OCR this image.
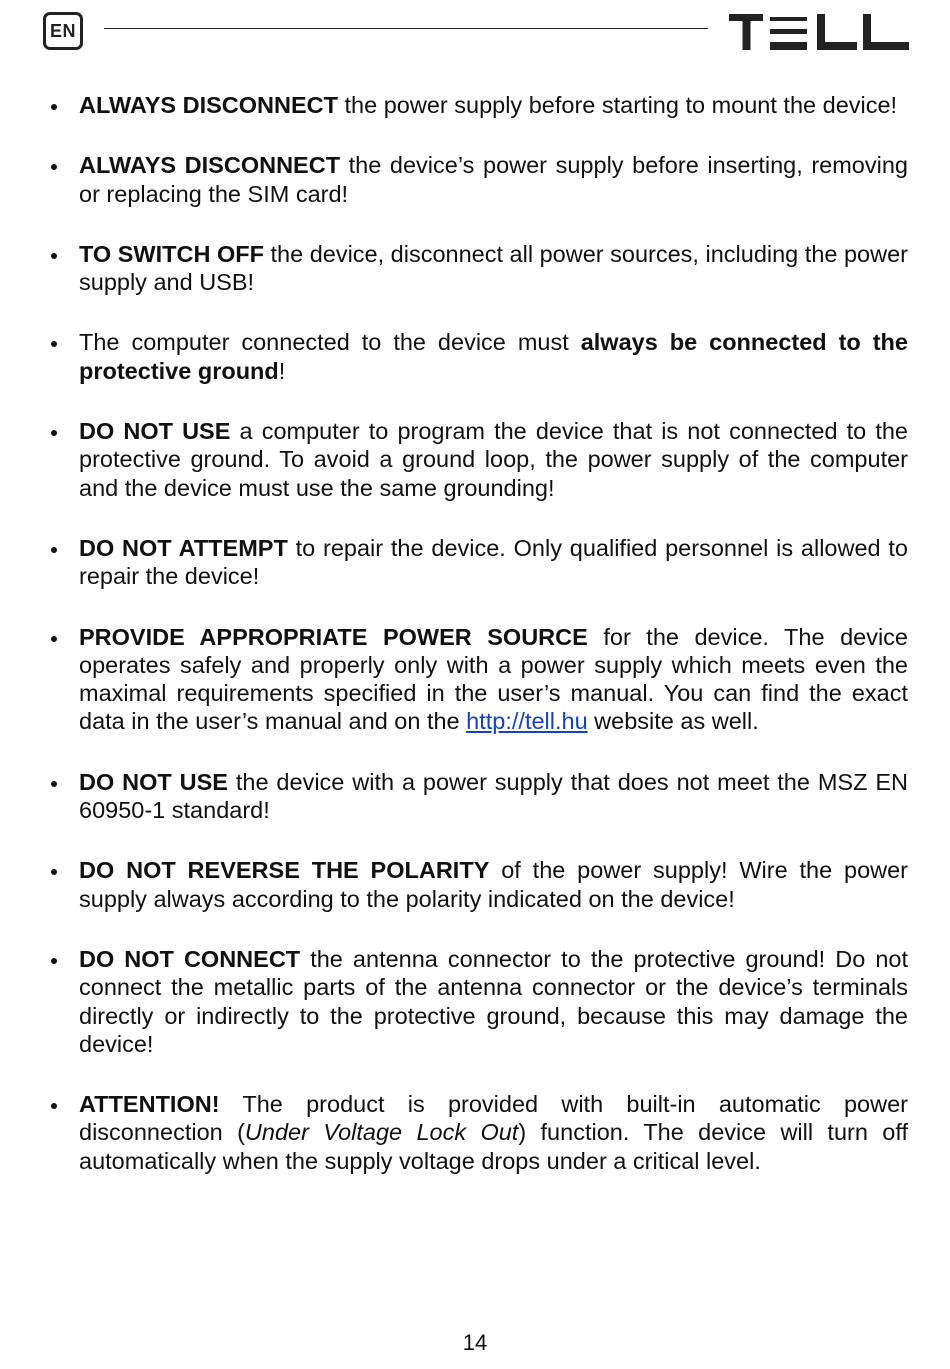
EN
ALWAYS DISCONNECT the power supply before starting to mount the device!
ALWAYS DISCONNECT the device’s power supply before inserting, removing or replacing the SIM card!
TO SWITCH OFF the device, disconnect all power sources, including the power supply and USB!
The computer connected to the device must always be connected to the protective ground!
DO NOT USE a computer to program the device that is not connected to the protective ground. To avoid a ground loop, the power supply of the computer and the device must use the same grounding!
DO NOT ATTEMPT to repair the device. Only qualified personnel is allowed to repair the device!
PROVIDE APPROPRIATE POWER SOURCE for the device. The device operates safely and properly only with a power supply which meets even the maximal requirements specified in the user’s manual. You can find the exact data in the user’s manual and on the http://tell.hu website as well.
DO NOT USE the device with a power supply that does not meet the MSZ EN 60950-1 standard!
DO NOT REVERSE THE POLARITY of the power supply! Wire the power supply always according to the polarity indicated on the device!
DO NOT CONNECT the antenna connector to the protective ground! Do not connect the metallic parts of the antenna connector or the device’s terminals directly or indirectly to the protective ground, because this may damage the device!
ATTENTION! The product is provided with built-in automatic power disconnection (Under Voltage Lock Out) function. The device will turn off automatically when the supply voltage drops under a critical level.
14
